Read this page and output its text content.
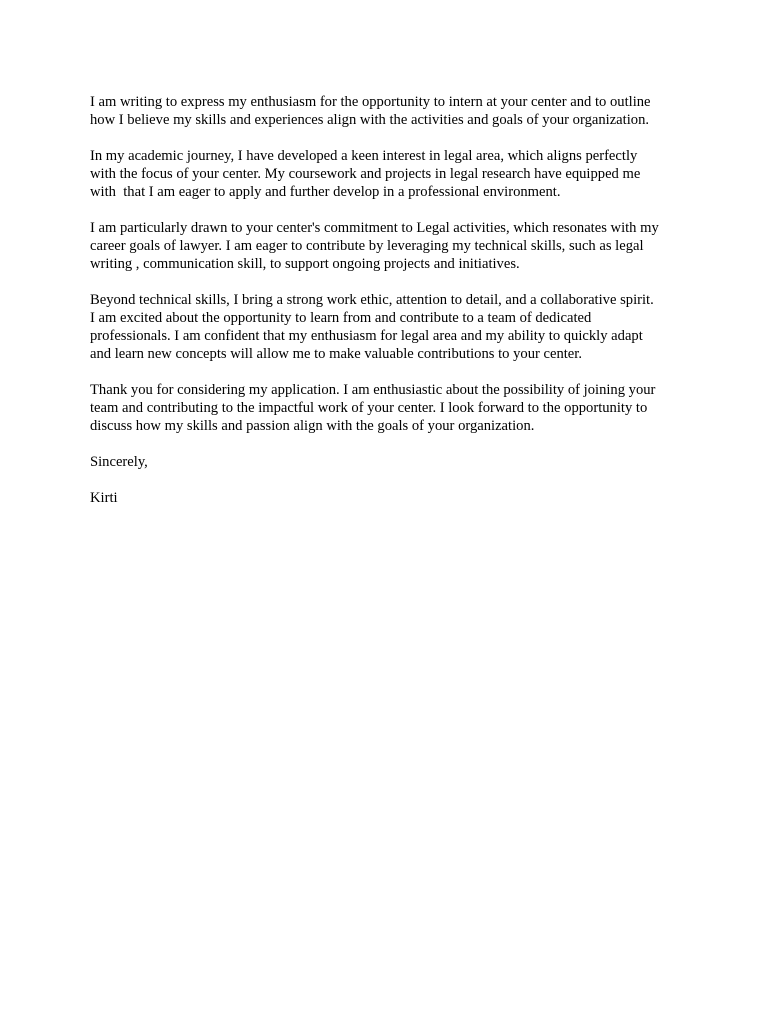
I am writing to express my enthusiasm for the opportunity to intern at your center and to outline
how I believe my skills and experiences align with the activities and goals of your organization.

In my academic journey, I have developed a keen interest in legal area, which aligns perfectly
with the focus of your center. My coursework and projects in legal research have equipped me
with  that I am eager to apply and further develop in a professional environment.

I am particularly drawn to your center's commitment to Legal activities, which resonates with my
career goals of lawyer. I am eager to contribute by leveraging my technical skills, such as legal
writing , communication skill, to support ongoing projects and initiatives.

Beyond technical skills, I bring a strong work ethic, attention to detail, and a collaborative spirit.
I am excited about the opportunity to learn from and contribute to a team of dedicated
professionals. I am confident that my enthusiasm for legal area and my ability to quickly adapt
and learn new concepts will allow me to make valuable contributions to your center.

Thank you for considering my application. I am enthusiastic about the possibility of joining your
team and contributing to the impactful work of your center. I look forward to the opportunity to
discuss how my skills and passion align with the goals of your organization.

Sincerely,

Kirti
